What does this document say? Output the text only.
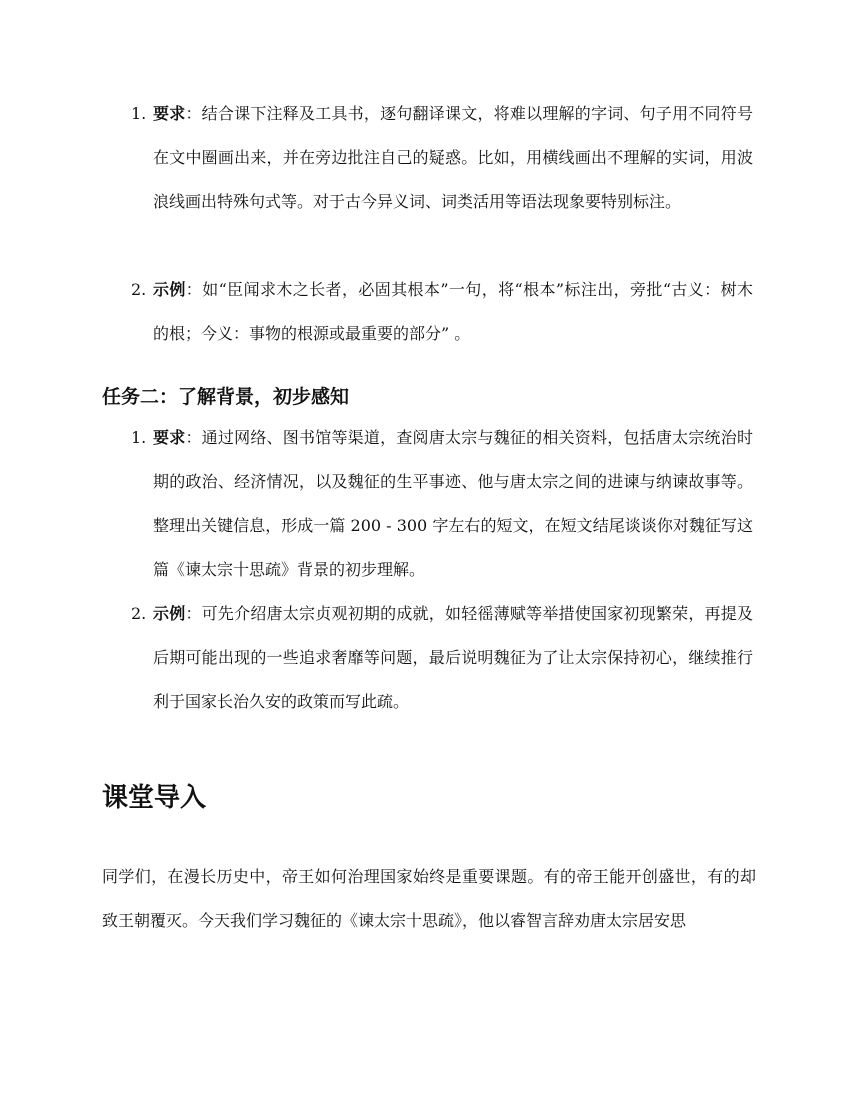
1. 要求：结合课下注释及工具书，逐句翻译课文，将难以理解的字词、句子用不同符号在文中圈画出来，并在旁边批注自己的疑惑。比如，用横线画出不理解的实词，用波浪线画出特殊句式等。对于古今异义词、词类活用等语法现象要特别标注。
2. 示例：如“臣闻求木之长者，必固其根本”一句，将“根本”标注出，旁批“古义：树木的根；今义：事物的根源或最重要的部分” 。
任务二：了解背景，初步感知
1. 要求：通过网络、图书馆等渠道，查阅唐太宗与魏征的相关资料，包括唐太宗统治时期的政治、经济情况，以及魏征的生平事迹、他与唐太宗之间的进谏与纳谏故事等。整理出关键信息，形成一篇 200 - 300 字左右的短文，在短文结尾谈谈你对魏征写这篇《谏太宗十思疏》背景的初步理解。
2. 示例：可先介绍唐太宗贞观初期的成就，如轻徭薄赋等举措使国家初现繁荣，再提及后期可能出现的一些追求奢靡等问题，最后说明魏征为了让太宗保持初心，继续推行利于国家长治久安的政策而写此疏。
课堂导入
同学们，在漫长历史中，帝王如何治理国家始终是重要课题。有的帝王能开创盛世，有的却致王朝覆灭。今天我们学习魏征的《谏太宗十思疏》，他以睿智言辞劝唐太宗居安思
